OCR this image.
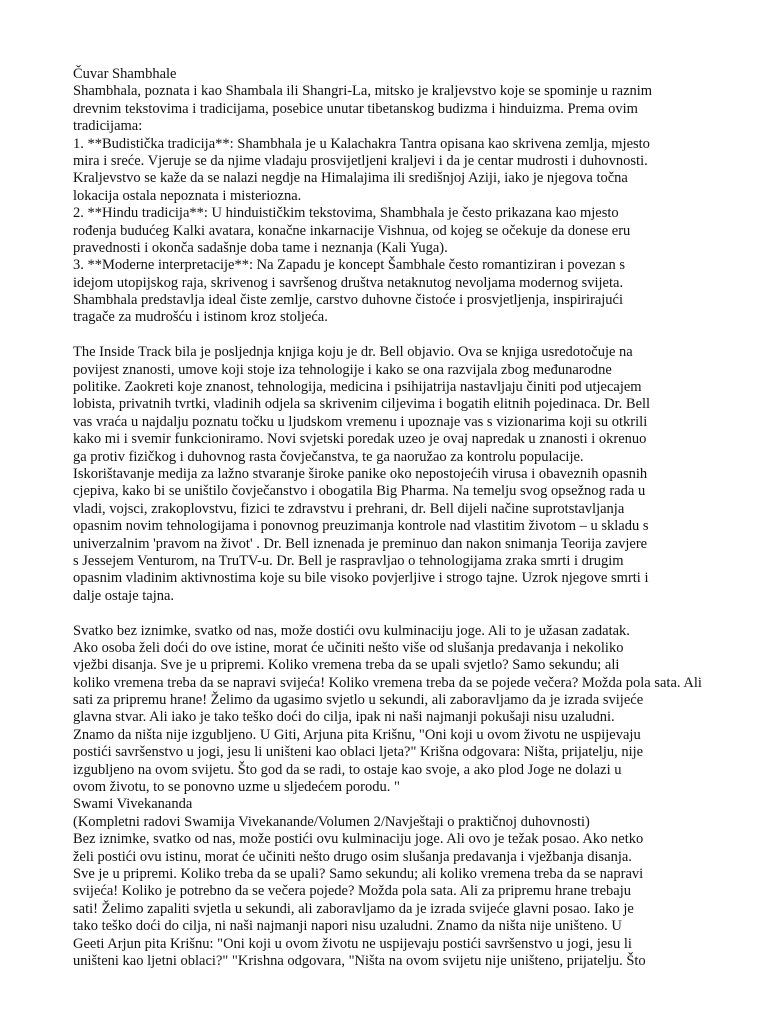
Čuvar Shambhale
Shambhala, poznata i kao Shambala ili Shangri-La, mitsko je kraljevstvo koje se spominje u raznim
drevnim tekstovima i tradicijama, posebice unutar tibetanskog budizma i hinduizma. Prema ovim
tradicijama:
1. **Budistička tradicija**: Shambhala je u Kalachakra Tantra opisana kao skrivena zemlja, mjesto
mira i sreće. Vjeruje se da njime vladaju prosvijetljeni kraljevi i da je centar mudrosti i duhovnosti.
Kraljevstvo se kaže da se nalazi negdje na Himalajima ili središnjoj Aziji, iako je njegova točna
lokacija ostala nepoznata i misteriozna.
2. **Hindu tradicija**: U hinduističkim tekstovima, Shambhala je često prikazana kao mjesto
rođenja budućeg Kalki avatara, konačne inkarnacije Vishnua, od kojeg se očekuje da donese eru
pravednosti i okonča sadašnje doba tame i neznanja (Kali Yuga).
3. **Moderne interpretacije**: Na Zapadu je koncept Šambhale često romantiziran i povezan s
idejom utopijskog raja, skrivenog i savršenog društva netaknutog nevoljama modernog svijeta.
Shambhala predstavlja ideal čiste zemlje, carstvo duhovne čistoće i prosvjetljenja, inspirirajući
tragače za mudrošću i istinom kroz stoljeća.
The Inside Track bila je posljednja knjiga koju je dr. Bell objavio. Ova se knjiga usredotočuje na
povijest znanosti, umove koji stoje iza tehnologije i kako se ona razvijala zbog međunarodne
politike. Zaokreti koje znanost, tehnologija, medicina i psihijatrija nastavljaju činiti pod utjecajem
lobista, privatnih tvrtki, vladinih odjela sa skrivenim ciljevima i bogatih elitnih pojedinaca. Dr. Bell
vas vraća u najdalju poznatu točku u ljudskom vremenu i upoznaje vas s vizionarima koji su otkrili
kako mi i svemir funkcioniramo. Novi svjetski poredak uzeo je ovaj napredak u znanosti i okrenuo
ga protiv fizičkog i duhovnog rasta čovječanstva, te ga naoružao za kontrolu populacije.
Iskorištavanje medija za lažno stvaranje široke panike oko nepostojećih virusa i obaveznih opasnih
cjepiva, kako bi se uništilo čovječanstvo i obogatila Big Pharma. Na temelju svog opsežnog rada u
vladi, vojsci, zrakoplovstvu, fizici te zdravstvu i prehrani, dr. Bell dijeli načine suprotstavljanja
opasnim novim tehnologijama i ponovnog preuzimanja kontrole nad vlastitim životom – u skladu s
univerzalnim 'pravom na život' . Dr. Bell iznenada je preminuo dan nakon snimanja Teorija zavjere
s Jessejem Venturom, na TruTV-u. Dr. Bell je raspravljao o tehnologijama zraka smrti i drugim
opasnim vladinim aktivnostima koje su bile visoko povjerljive i strogo tajne. Uzrok njegove smrti i
dalje ostaje tajna.
Svatko bez iznimke, svatko od nas, može dostići ovu kulminaciju joge. Ali to je užasan zadatak.
Ako osoba želi doći do ove istine, morat će učiniti nešto više od slušanja predavanja i nekoliko
vježbi disanja. Sve je u pripremi. Koliko vremena treba da se upali svjetlo? Samo sekundu; ali
koliko vremena treba da se napravi svijeća! Koliko vremena treba da se pojede večera? Možda pola sata. Ali
sati za pripremu hrane! Želimo da ugasimo svjetlo u sekundi, ali zaboravljamo da je izrada svijeće
glavna stvar. Ali iako je tako teško doći do cilja, ipak ni naši najmanji pokušaji nisu uzaludni.
Znamo da ništa nije izgubljeno. U Giti, Arjuna pita Krišnu, "Oni koji u ovom životu ne uspijevaju
postići savršenstvo u jogi, jesu li uništeni kao oblaci ljeta?" Krišna odgovara: Ništa, prijatelju, nije
izgubljeno na ovom svijetu. Što god da se radi, to ostaje kao svoje, a ako plod Joge ne dolazi u
ovom životu, to se ponovno uzme u sljedećem porodu. "
Swami Vivekananda
(Kompletni radovi Swamija Vivekanande/Volumen 2/Navještaji o praktičnoj duhovnosti)
Bez iznimke, svatko od nas, može postići ovu kulminaciju joge. Ali ovo je težak posao. Ako netko
želi postići ovu istinu, morat će učiniti nešto drugo osim slušanja predavanja i vježbanja disanja.
Sve je u pripremi. Koliko treba da se upali? Samo sekundu; ali koliko vremena treba da se napravi
svijeća! Koliko je potrebno da se večera pojede? Možda pola sata. Ali za pripremu hrane trebaju
sati! Želimo zapaliti svjetla u sekundi, ali zaboravljamo da je izrada svijeće glavni posao. Iako je
tako teško doći do cilja, ni naši najmanji napori nisu uzaludni. Znamo da ništa nije uništeno. U
Geeti Arjun pita Krišnu: "Oni koji u ovom životu ne uspijevaju postići savršenstvo u jogi, jesu li
uništeni kao ljetni oblaci?" "Krishna odgovara, "Ništa na ovom svijetu nije uništeno, prijatelju. Što
